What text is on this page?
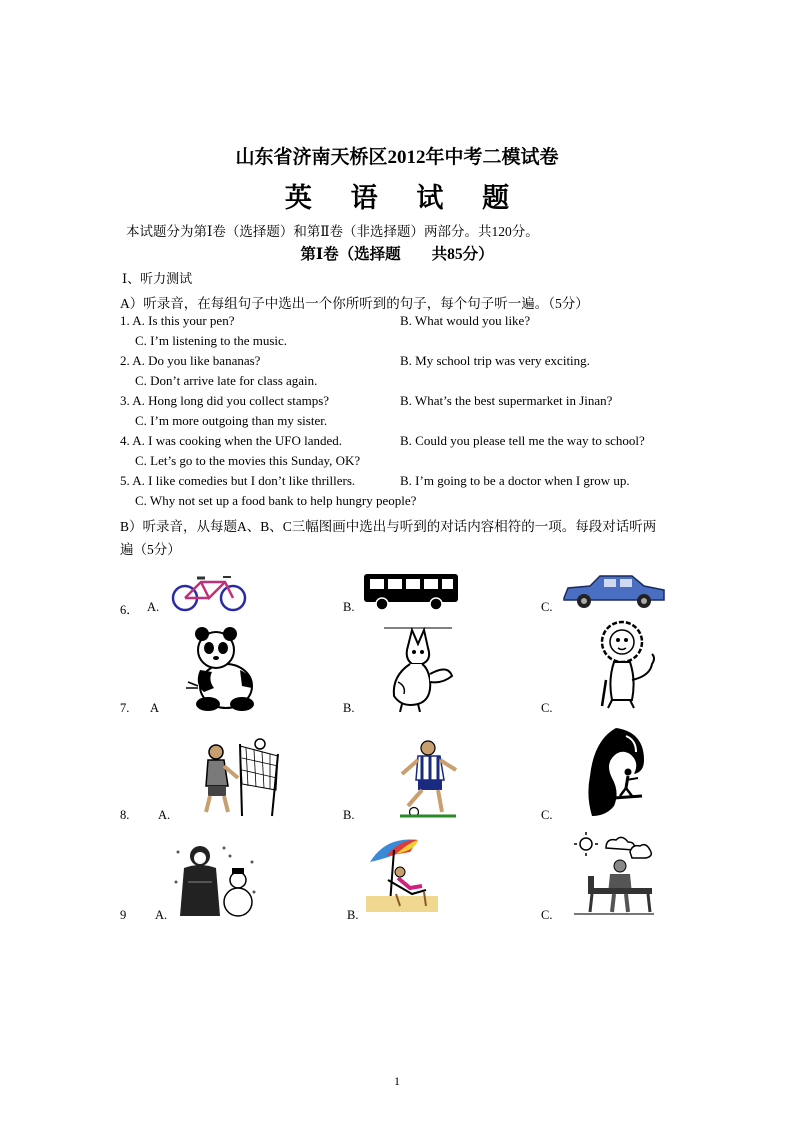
山东省济南天桥区2012年中考二模试卷
英 语 试 题
本试题分为第Ⅰ卷（选择题）和第Ⅱ卷（非选择题）两部分。共120分。
第Ⅰ卷（选择题　　共85分）
Ⅰ、听力测试
A）听录音，在每组句子中选出一个你所听到的句子，每个句子听一遍。（5分）
1. A. Is this your pen?	B. What would you like?
C. I’m listening to the music.
2. A. Do you like bananas?	B. My school trip was very exciting.
C. Don’t arrive late for class again.
3. A. Hong long did you collect stamps?	B. What’s the best supermarket in Jinan?
C. I’m more outgoing than my sister.
4. A. I was cooking when the UFO landed.	B. Could you please tell me the way to school?
C. Let’s go to the movies this Sunday, OK?
5. A. I like comedies but I don’t like thrillers.	B. I’m going to be a doctor when I grow up.
C. Why not set up a food bank to help hungry people?
B）听录音，从每题A、B、C三幅图画中选出与听到的对话内容相符的一项。每段对话听两
遍（5分）
6． A.	B.	C.
7. A	B.	C.
8. A.	B.	C.
9 A.	B.	C.
1
